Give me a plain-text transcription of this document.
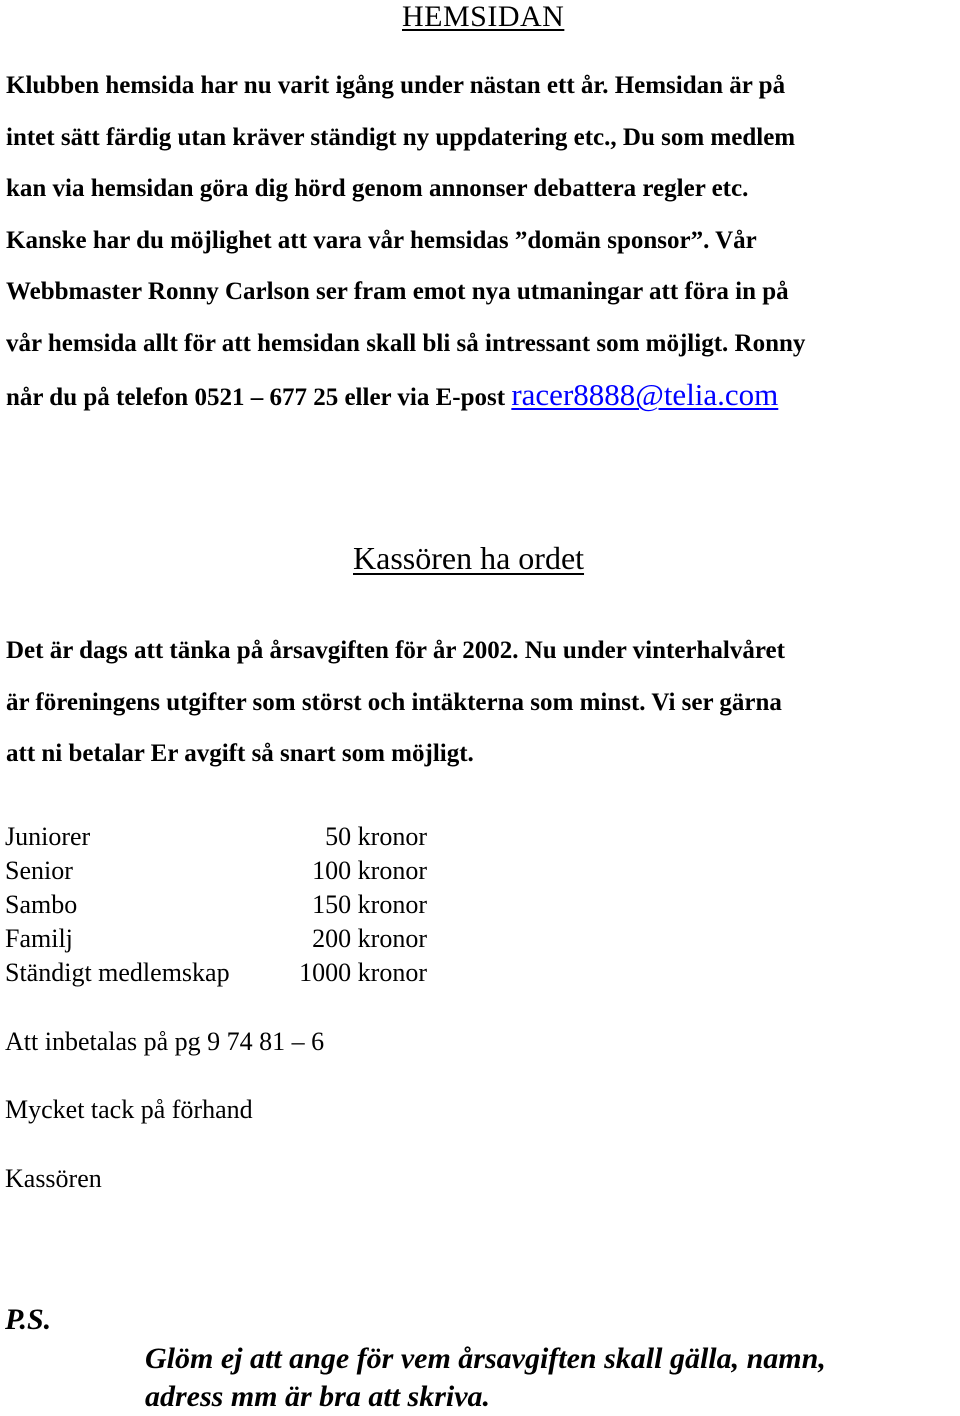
HEMSIDAN
Klubben hemsida har nu varit igång under nästan ett år. Hemsidan är på
intet sätt färdig utan kräver ständigt ny uppdatering etc., Du som medlem
kan via hemsidan göra dig hörd genom annonser debattera regler etc.
Kanske har du möjlighet att vara vår hemsidas ”domän sponsor”. Vår
Webbmaster Ronny Carlson ser fram emot nya utmaningar att föra in på
vår hemsida allt för att hemsidan skall bli så intressant som möjligt. Ronny
når du på telefon 0521 – 677 25 eller via E-post racer8888@telia.com
Kassören ha ordet
Det är dags att tänka på årsavgiften för år 2002. Nu under vinterhalvåret
är föreningens utgifter som störst och intäkterna som minst. Vi ser gärna
att ni betalar Er avgift så snart som möjligt.
Juniorer	50 kronor
Senior	100 kronor
Sambo	150 kronor
Familj	200 kronor
Ständigt medlemskap	1000 kronor
Att inbetalas på pg 9 74 81 – 6
Mycket tack på förhand
Kassören
P.S.
Glöm ej att ange för vem årsavgiften skall gälla, namn,
adress mm är bra att skriva.
